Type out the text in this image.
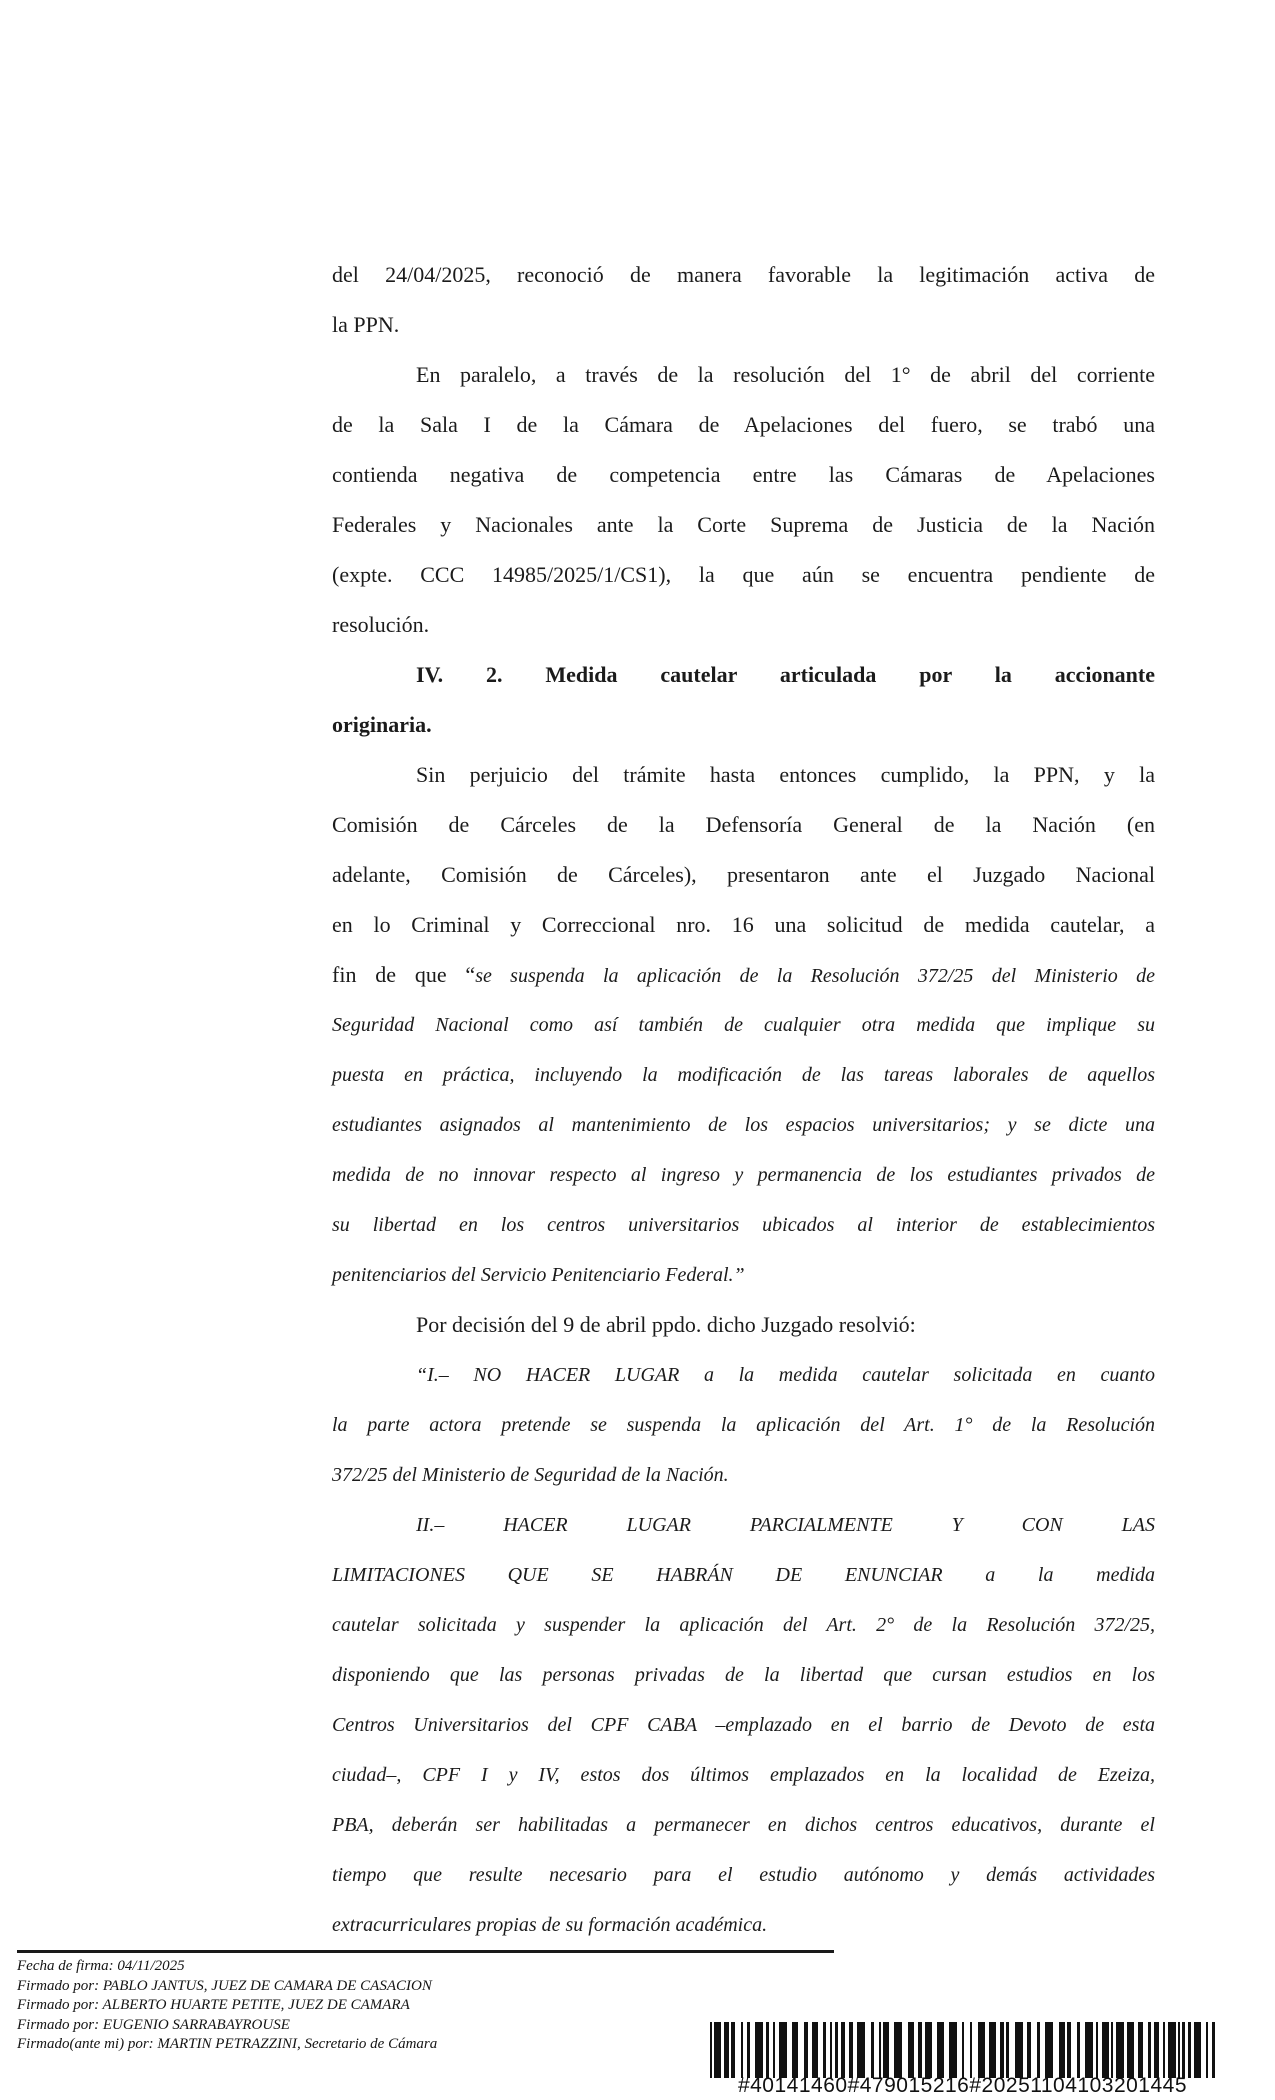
del 24/04/2025, reconoció de manera favorable la legitimación activa de
la PPN.
En paralelo, a través de la resolución del 1° de abril del corriente
de la Sala I de la Cámara de Apelaciones del fuero, se trabó una
contienda negativa de competencia entre las Cámaras de Apelaciones
Federales y Nacionales ante la Corte Suprema de Justicia de la Nación
(expte. CCC 14985/2025/1/CS1), la que aún se encuentra pendiente de
resolución.
IV. 2. Medida cautelar articulada por la accionante
originaria.
Sin perjuicio del trámite hasta entonces cumplido, la PPN, y la
Comisión de Cárceles de la Defensoría General de la Nación (en
adelante, Comisión de Cárceles), presentaron ante el Juzgado Nacional
en lo Criminal y Correccional nro. 16 una solicitud de medida cautelar, a
fin de que “se suspenda la aplicación de la Resolución 372/25 del Ministerio de
Seguridad Nacional como así también de cualquier otra medida que implique su
puesta en práctica, incluyendo la modificación de las tareas laborales de aquellos
estudiantes asignados al mantenimiento de los espacios universitarios; y se dicte una
medida de no innovar respecto al ingreso y permanencia de los estudiantes privados de
su libertad en los centros universitarios ubicados al interior de establecimientos
penitenciarios del Servicio Penitenciario Federal.”
Por decisión del 9 de abril ppdo. dicho Juzgado resolvió:
“I.– NO HACER LUGAR a la medida cautelar solicitada en cuanto
la parte actora pretende se suspenda la aplicación del Art. 1° de la Resolución
372/25 del Ministerio de Seguridad de la Nación.
II.– HACER LUGAR PARCIALMENTE Y CON LAS
LIMITACIONES QUE SE HABRÁN DE ENUNCIAR a la medida
cautelar solicitada y suspender la aplicación del Art. 2° de la Resolución 372/25,
disponiendo que las personas privadas de la libertad que cursan estudios en los
Centros Universitarios del CPF CABA –emplazado en el barrio de Devoto de esta
ciudad–, CPF I y IV, estos dos últimos emplazados en la localidad de Ezeiza,
PBA, deberán ser habilitadas a permanecer en dichos centros educativos, durante el
tiempo que resulte necesario para el estudio autónomo y demás actividades
extracurriculares propias de su formación académica.
Fecha de firma: 04/11/2025
Firmado por: PABLO JANTUS, JUEZ DE CAMARA DE CASACION
Firmado por: ALBERTO HUARTE PETITE, JUEZ DE CAMARA
Firmado por: EUGENIO SARRABAYROUSE
Firmado(ante mi) por: MARTIN PETRAZZINI, Secretario de Cámara
#40141460#479015216#20251104103201445
